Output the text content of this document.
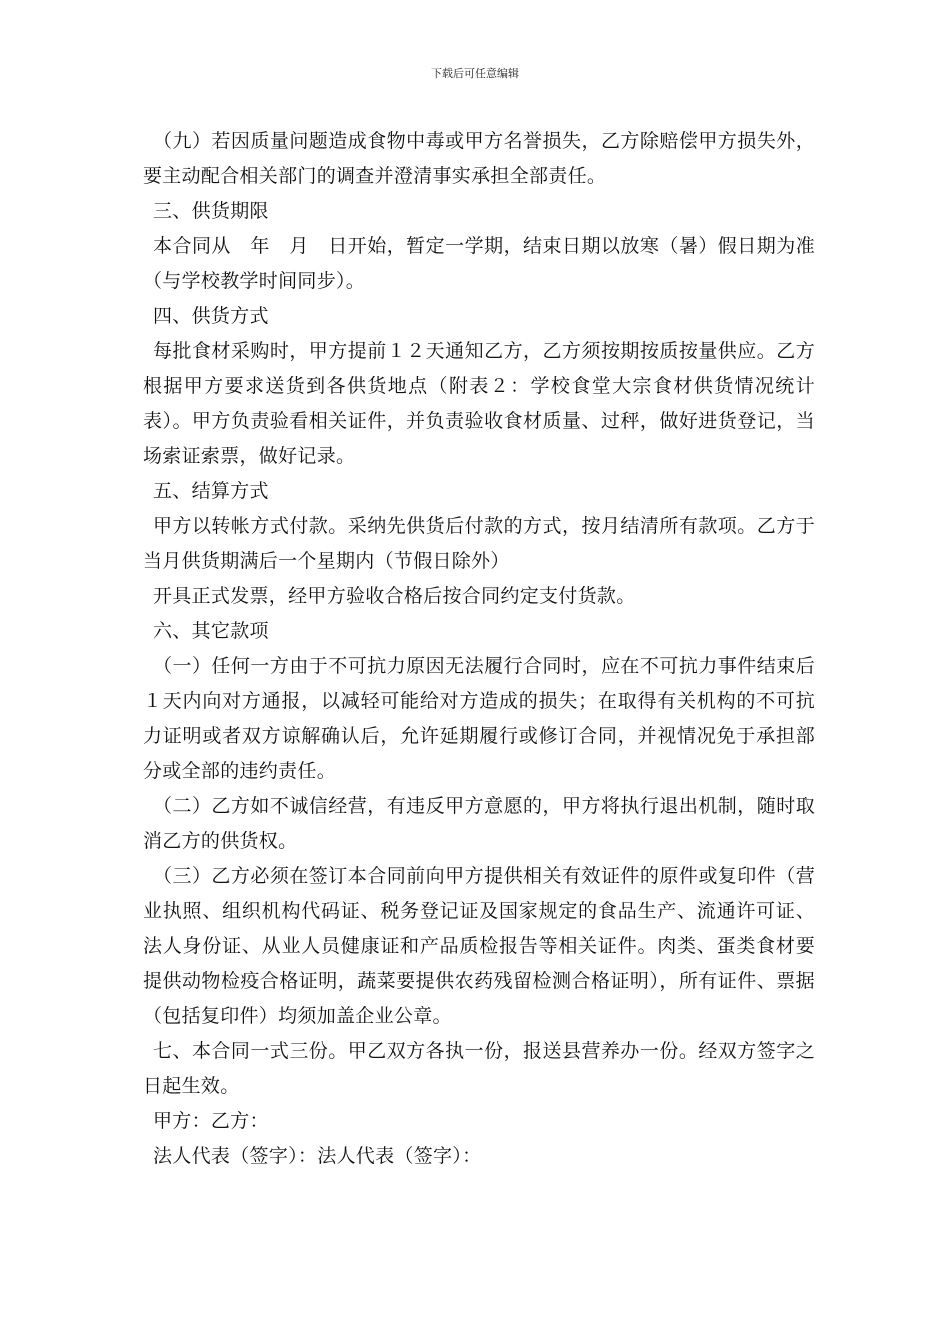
下载后可任意编辑

（九）若因质量问题造成食物中毒或甲方名誉损失，乙方除赔偿甲方损失外，要主动配合相关部门的调查并澄清事实承担全部责任。

三、供货期限

本合同从　年　月　日开始，暂定一学期，结束日期以放寒（暑）假日期为准（与学校教学时间同步）。

四、供货方式

每批食材采购时，甲方提前１２天通知乙方，乙方须按期按质按量供应。乙方根据甲方要求送货到各供货地点（附表２：学校食堂大宗食材供货情况统计表）。甲方负责验看相关证件，并负责验收食材质量、过秤，做好进货登记，当场索证索票，做好记录。

五、结算方式

甲方以转帐方式付款。采纳先供货后付款的方式，按月结清所有款项。乙方于当月供货期满后一个星期内（节假日除外）

开具正式发票，经甲方验收合格后按合同约定支付货款。

六、其它款项

（一）任何一方由于不可抗力原因无法履行合同时，应在不可抗力事件结束后１天内向对方通报，以减轻可能给对方造成的损失；在取得有关机构的不可抗力证明或者双方谅解确认后，允许延期履行或修订合同，并视情况免于承担部分或全部的违约责任。

（二）乙方如不诚信经营，有违反甲方意愿的，甲方将执行退出机制，随时取消乙方的供货权。

（三）乙方必须在签订本合同前向甲方提供相关有效证件的原件或复印件（营业执照、组织机构代码证、税务登记证及国家规定的食品生产、流通许可证、法人身份证、从业人员健康证和产品质检报告等相关证件。肉类、蛋类食材要提供动物检疫合格证明，蔬菜要提供农药残留检测合格证明），所有证件、票据（包括复印件）均须加盖企业公章。

七、本合同一式三份。甲乙双方各执一份，报送县营养办一份。经双方签字之日起生效。

甲方：乙方：

法人代表（签字）：法人代表（签字）：
